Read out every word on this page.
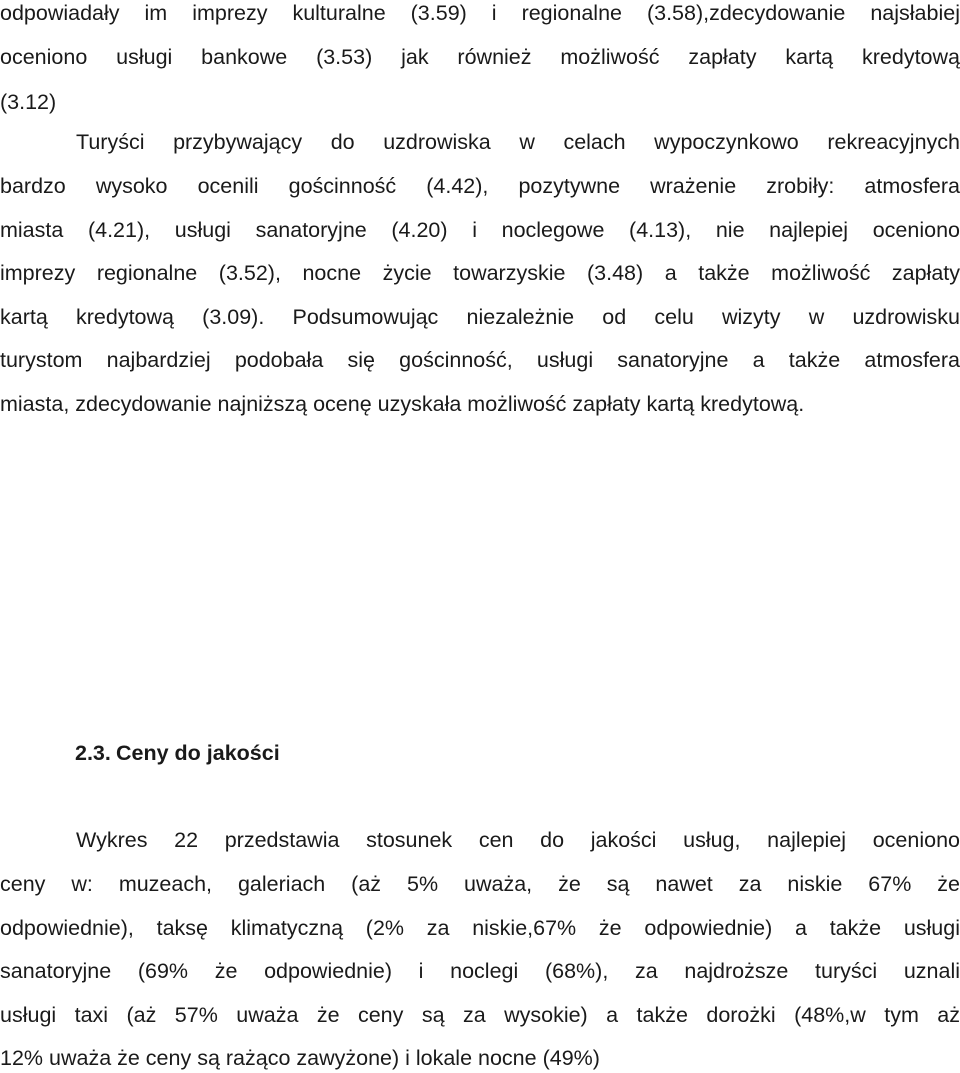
odpowiadały im imprezy kulturalne (3.59) i regionalne (3.58),zdecydowanie najsłabiej

oceniono usługi bankowe (3.53) jak również możliwość zapłaty kartą kredytową

(3.12)

Turyści przybywający do uzdrowiska w celach wypoczynkowo rekreacyjnych

bardzo wysoko ocenili gościnność (4.42), pozytywne wrażenie zrobiły: atmosfera

miasta (4.21), usługi sanatoryjne (4.20) i noclegowe (4.13), nie najlepiej oceniono

imprezy regionalne (3.52), nocne życie towarzyskie (3.48) a także możliwość zapłaty

kartą kredytową (3.09). Podsumowując niezależnie od celu wizyty w uzdrowisku

turystom najbardziej podobała się gościnność, usługi sanatoryjne a także atmosfera

miasta, zdecydowanie najniższą ocenę uzyskała możliwość zapłaty kartą kredytową.

2.3. Ceny do jakości

Wykres 22 przedstawia stosunek cen do jakości usług, najlepiej oceniono

ceny w: muzeach, galeriach (aż 5% uważa, że są nawet za niskie 67% że

odpowiednie), taksę klimatyczną (2% za niskie,67% że odpowiednie) a także usługi

sanatoryjne (69% że odpowiednie) i noclegi (68%), za najdroższe turyści uznali

usługi taxi (aż 57% uważa że ceny są za wysokie) a także dorożki (48%,w tym aż

12% uważa że ceny są rażąco zawyżone) i lokale nocne (49%)
